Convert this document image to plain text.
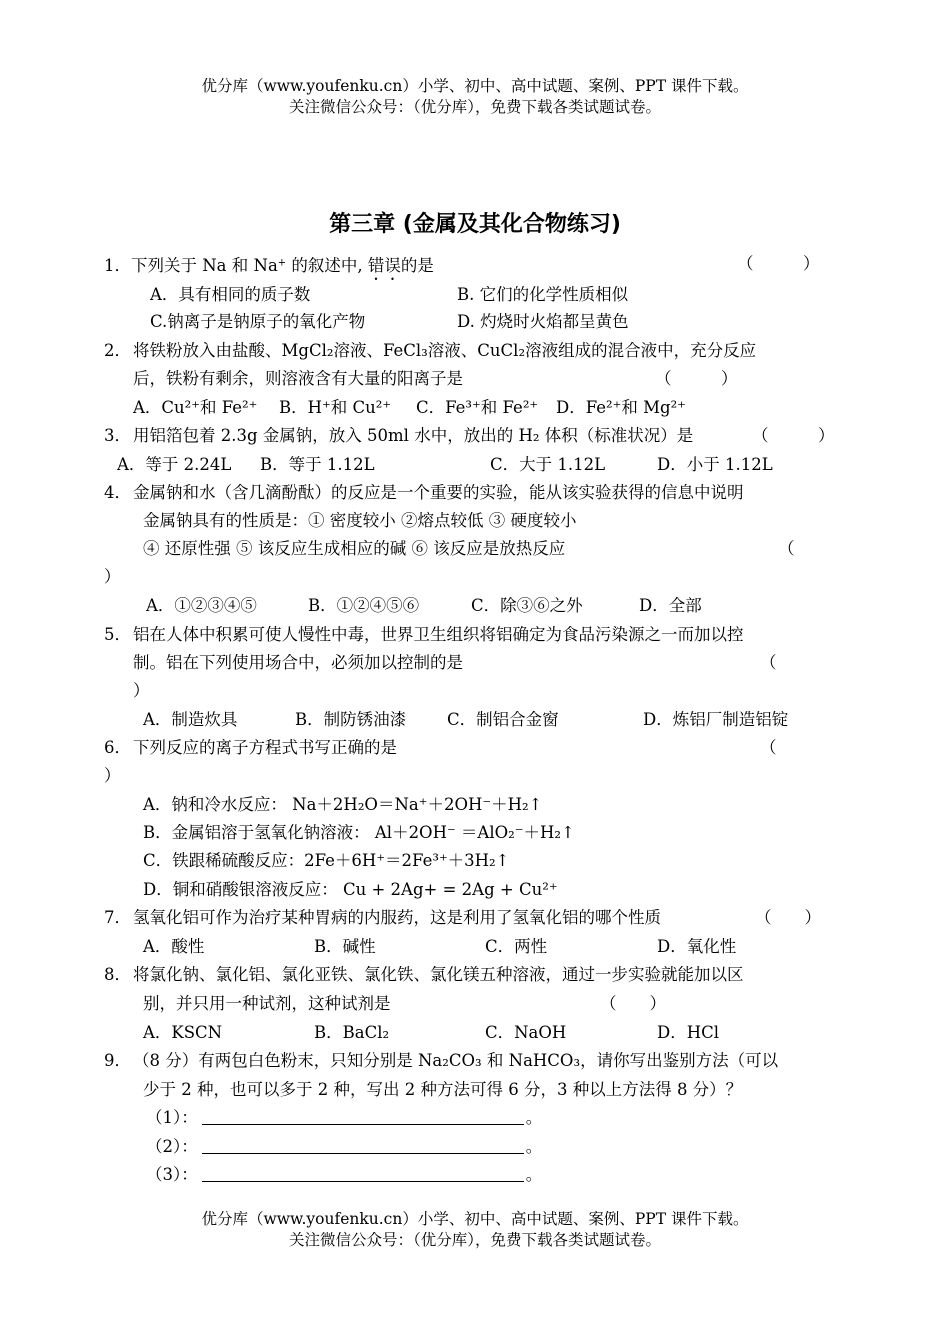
优分库（www.youfenku.cn）小学、初中、高中试题、案例、PPT 课件下载。
关注微信公众号：（优分库），免费下载各类试题试卷。
第三章 (金属及其化合物练习)
1．下列关于 Na 和 Na+ 的叙述中, 错误的是	（　　　）
A．具有相同的质子数	B. 它们的化学性质相似
C.钠离子是钠原子的氧化产物	D. 灼烧时火焰都呈黄色
2． 将铁粉放入由盐酸、MgCl₂溶液、FeCl₃溶液、CuCl₂溶液组成的混合液中，充分反应
后，铁粉有剩余，则溶液含有大量的阳离子是	（　　　）
A．Cu²⁺和 Fe²⁺ B．H⁺和 Cu²⁺ C．Fe³⁺和 Fe²⁺ D．Fe²⁺和 Mg²⁺
3． 用铝箔包着 2.3g 金属钠，放入 50ml 水中，放出的 H₂ 体积（标准状况）是	（　　　）
A．等于 2.24L B．等于 1.12L	C．大于 1.12L	D．小于 1.12L
4． 金属钠和水（含几滴酚酞）的反应是一个重要的实验，能从该实验获得的信息中说明
金属钠具有的性质是：① 密度较小 ②熔点较低 ③ 硬度较小
④ 还原性强 ⑤ 该反应生成相应的碱 ⑥ 该反应是放热反应	（
）
A．①②③④⑤	B．①②④⑤⑥	C．除③⑥之外	D．全部
5． 铝在人体中积累可使人慢性中毒，世界卫生组织将铝确定为食品污染源之一而加以控
制。铝在下列使用场合中，必须加以控制的是	（
）
A．制造炊具	B．制防锈油漆 C．制铝合金窗	D．炼铝厂制造铝锭
6． 下列反应的离子方程式书写正确的是	（
）
A．钠和冷水反应： Na＋2H₂O＝Na⁺＋2OH⁻＋H₂↑
B．金属铝溶于氢氧化钠溶液： Al＋2OH⁻ ＝AlO₂⁻＋H₂↑
C．铁跟稀硫酸反应：2Fe＋6H⁺＝2Fe³⁺＋3H₂↑
D．铜和硝酸银溶液反应： Cu + 2Ag+ = 2Ag + Cu²⁺
7． 氢氧化铝可作为治疗某种胃病的内服药，这是利用了氢氧化铝的哪个性质	（　　）
A．酸性	B．碱性	C．两性	D．氧化性
8． 将氯化钠、氯化铝、氯化亚铁、氯化铁、氯化镁五种溶液，通过一步实验就能加以区
别，并只用一种试剂，这种试剂是	（　　）
A．KSCN	B．BaCl₂	C．NaOH	D．HCl
9． （8 分）有两包白色粉末，只知分别是 Na₂CO₃ 和 NaHCO₃，请你写出鉴别方法（可以
少于 2 种，也可以多于 2 种，写出 2 种方法可得 6 分，3 种以上方法得 8 分）？
（1）：	。
（2）：	。
（3）：	。
优分库（www.youfenku.cn）小学、初中、高中试题、案例、PPT 课件下载。
关注微信公众号：（优分库），免费下载各类试题试卷。
